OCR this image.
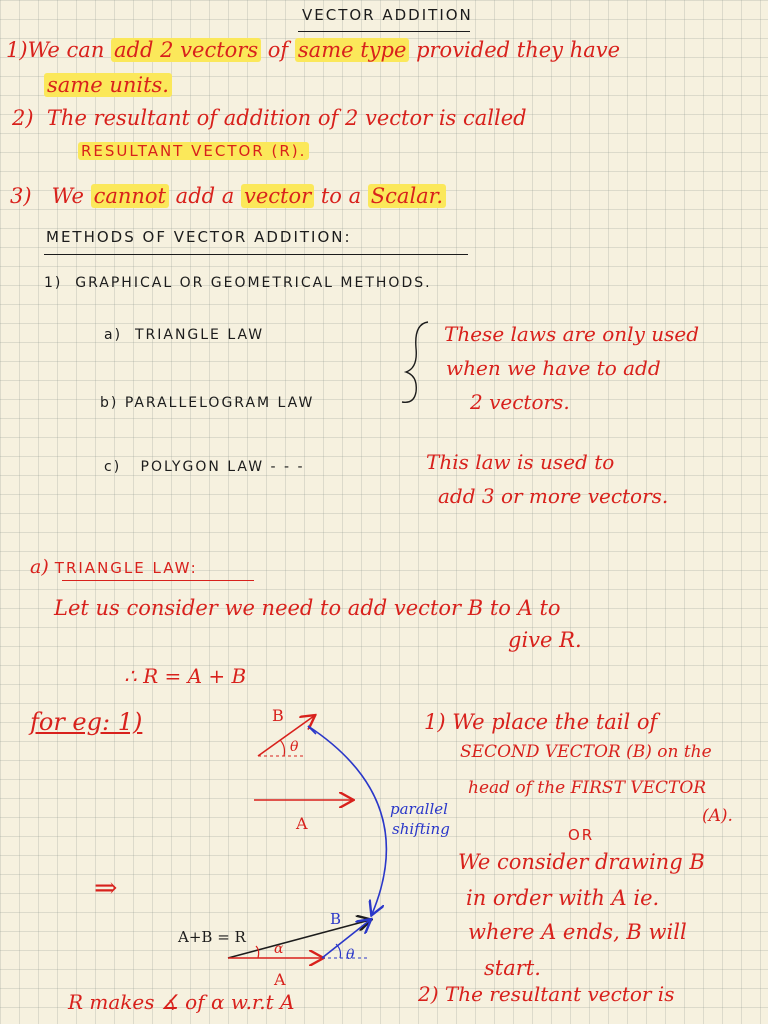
VECTOR ADDITION
1)We can add 2 vectors of same type provided they have
same units.
2) The resultant of addition of 2 vector is called
RESULTANT VECTOR (R).
3) We cannot add a vector to a Scalar.
METHODS OF VECTOR ADDITION:
1) GRAPHICAL OR GEOMETRICAL METHODS.
a) TRIANGLE LAW
b) PARALLELOGRAM LAW
c) POLYGON LAW - - -
These laws are only used
when we have to add
2 vectors.
This law is used to
add 3 or more vectors.
a) TRIANGLE LAW:
Let us consider we need to add vector B to A to
give R.
∴ R = A + B
for eg: 1)	1) We place the tail of
SECOND VECTOR (B) on the
head of the FIRST VECTOR
(A).
OR
We consider drawing B
in order with A ie.
where A ends, B will
start.
B
θ
A
parallel
shifting
⇒
A+B = R
α
B
θ
A
R makes ∡ of α w.r.t A	2) The resultant vector is
